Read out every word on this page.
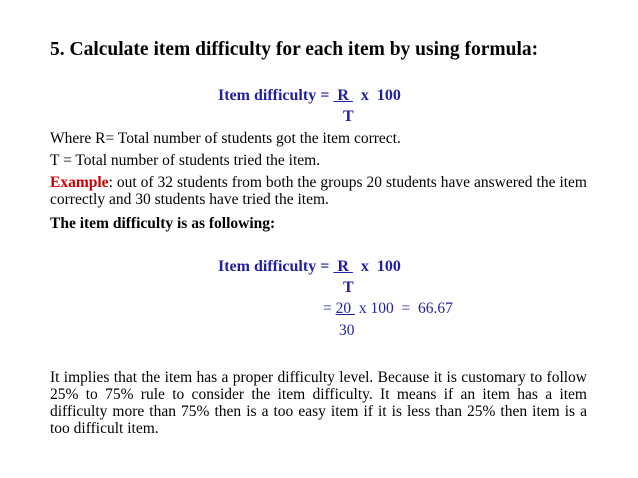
5. Calculate item difficulty for each item by using formula:
Item difficulty =  R   x  100
T
Where R= Total number of students got the item correct.
T = Total number of students tried the item.
Example: out of 32 students from both the groups 20 students have answered the item correctly and 30 students have tried the item.
The item difficulty is as following:
Item difficulty =  R   x  100
T
= 20  x 100  =  66.67
30
It implies that the item has a proper difficulty level. Because it is customary to follow 25% to 75% rule to consider the item difficulty. It means if an item has a item difficulty more than 75% then is a too easy item if it is less than 25% then item is a too difficult item.
